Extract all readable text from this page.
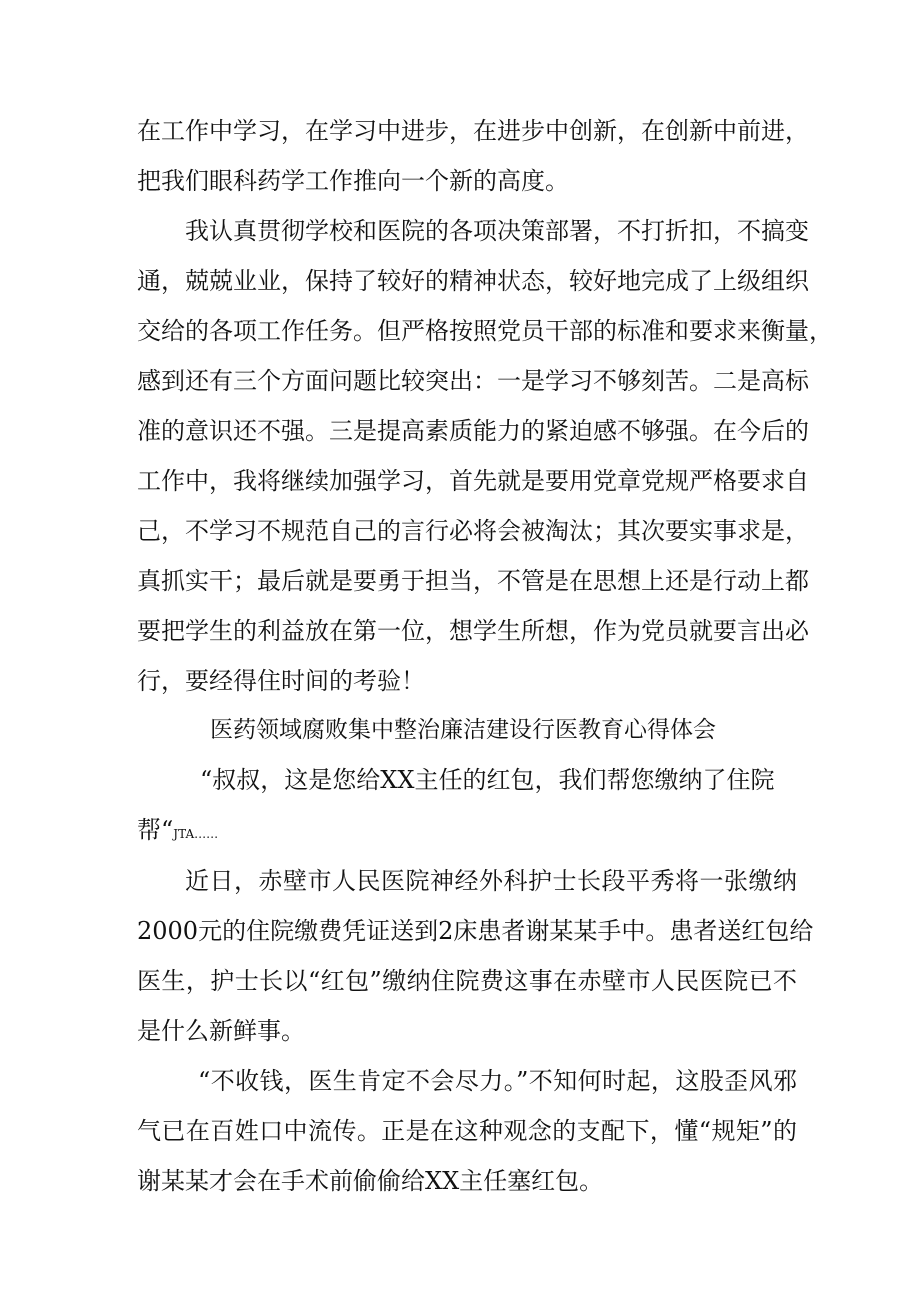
在工作中学习，在学习中进步，在进步中创新，在创新中前进，
把我们眼科药学工作推向一个新的高度。
我认真贯彻学校和医院的各项决策部署，不打折扣，不搞变
通，兢兢业业，保持了较好的精神状态，较好地完成了上级组织
交给的各项工作任务。但严格按照党员干部的标准和要求来衡量，
感到还有三个方面问题比较突出：一是学习不够刻苦。二是高标
准的意识还不强。三是提高素质能力的紧迫感不够强。在今后的
工作中，我将继续加强学习，首先就是要用党章党规严格要求自
己，不学习不规范自己的言行必将会被淘汰；其次要实事求是，
真抓实干；最后就是要勇于担当，不管是在思想上还是行动上都
要把学生的利益放在第一位，想学生所想，作为党员就要言出必
行，要经得住时间的考验！
医药领域腐败集中整治廉洁建设行医教育心得体会
“叔叔，这是您给XX主任的红包，我们帮您缴纳了住院
帮“JTA……
近日，赤壁市人民医院神经外科护士长段平秀将一张缴纳
2000元的住院缴费凭证送到2床患者谢某某手中。患者送红包给
医生，护士长以“红包”缴纳住院费这事在赤壁市人民医院已不
是什么新鲜事。
“不收钱，医生肯定不会尽力。”不知何时起，这股歪风邪
气已在百姓口中流传。正是在这种观念的支配下，懂“规矩”的
谢某某才会在手术前偷偷给XX主任塞红包。
